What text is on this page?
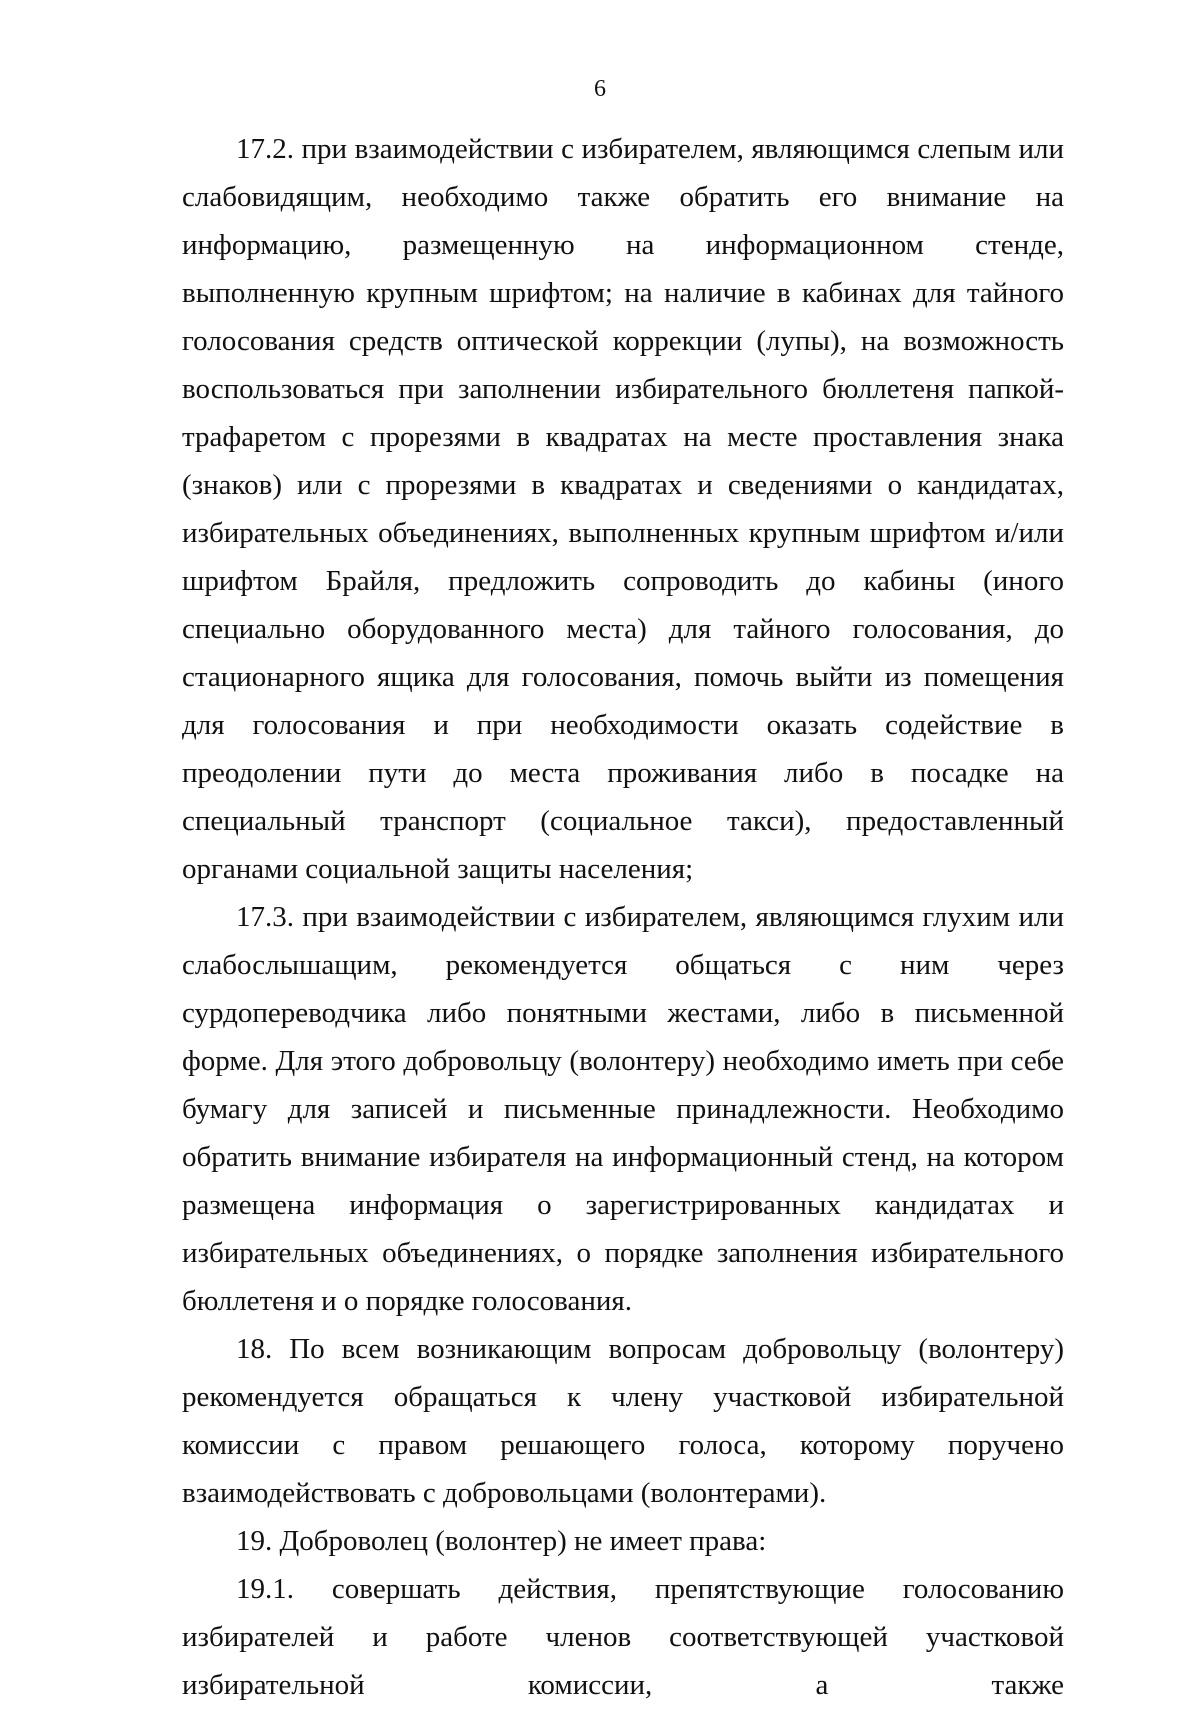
6

17.2. при взаимодействии с избирателем, являющимся слепым или слабовидящим, необходимо также обратить его внимание на информацию, размещенную на информационном стенде, выполненную крупным шрифтом; на наличие в кабинах для тайного голосования средств оптической коррекции (лупы), на возможность воспользоваться при заполнении избирательного бюллетеня папкой-трафаретом с прорезями в квадратах на месте проставления знака (знаков) или с прорезями в квадратах и сведениями о кандидатах, избирательных объединениях, выполненных крупным шрифтом и/или шрифтом Брайля, предложить сопроводить до кабины (иного специально оборудованного места) для тайного голосования, до стационарного ящика для голосования, помочь выйти из помещения для голосования и при необходимости оказать содействие в преодолении пути до места проживания либо в посадке на специальный транспорт (социальное такси), предоставленный органами социальной защиты населения;

17.3. при взаимодействии с избирателем, являющимся глухим или слабослышащим, рекомендуется общаться с ним через сурдопереводчика либо понятными жестами, либо в письменной форме. Для этого добровольцу (волонтеру) необходимо иметь при себе бумагу для записей и письменные принадлежности. Необходимо обратить внимание избирателя на информационный стенд, на котором размещена информация о зарегистрированных кандидатах и избирательных объединениях, о порядке заполнения избирательного бюллетеня и о порядке голосования.

18. По всем возникающим вопросам добровольцу (волонтеру) рекомендуется обращаться к члену участковой избирательной комиссии с правом решающего голоса, которому поручено взаимодействовать с добровольцами (волонтерами).

19. Доброволец (волонтер) не имеет права:

19.1. совершать действия, препятствующие голосованию избирателей и работе членов соответствующей участковой избирательной комиссии, а также
